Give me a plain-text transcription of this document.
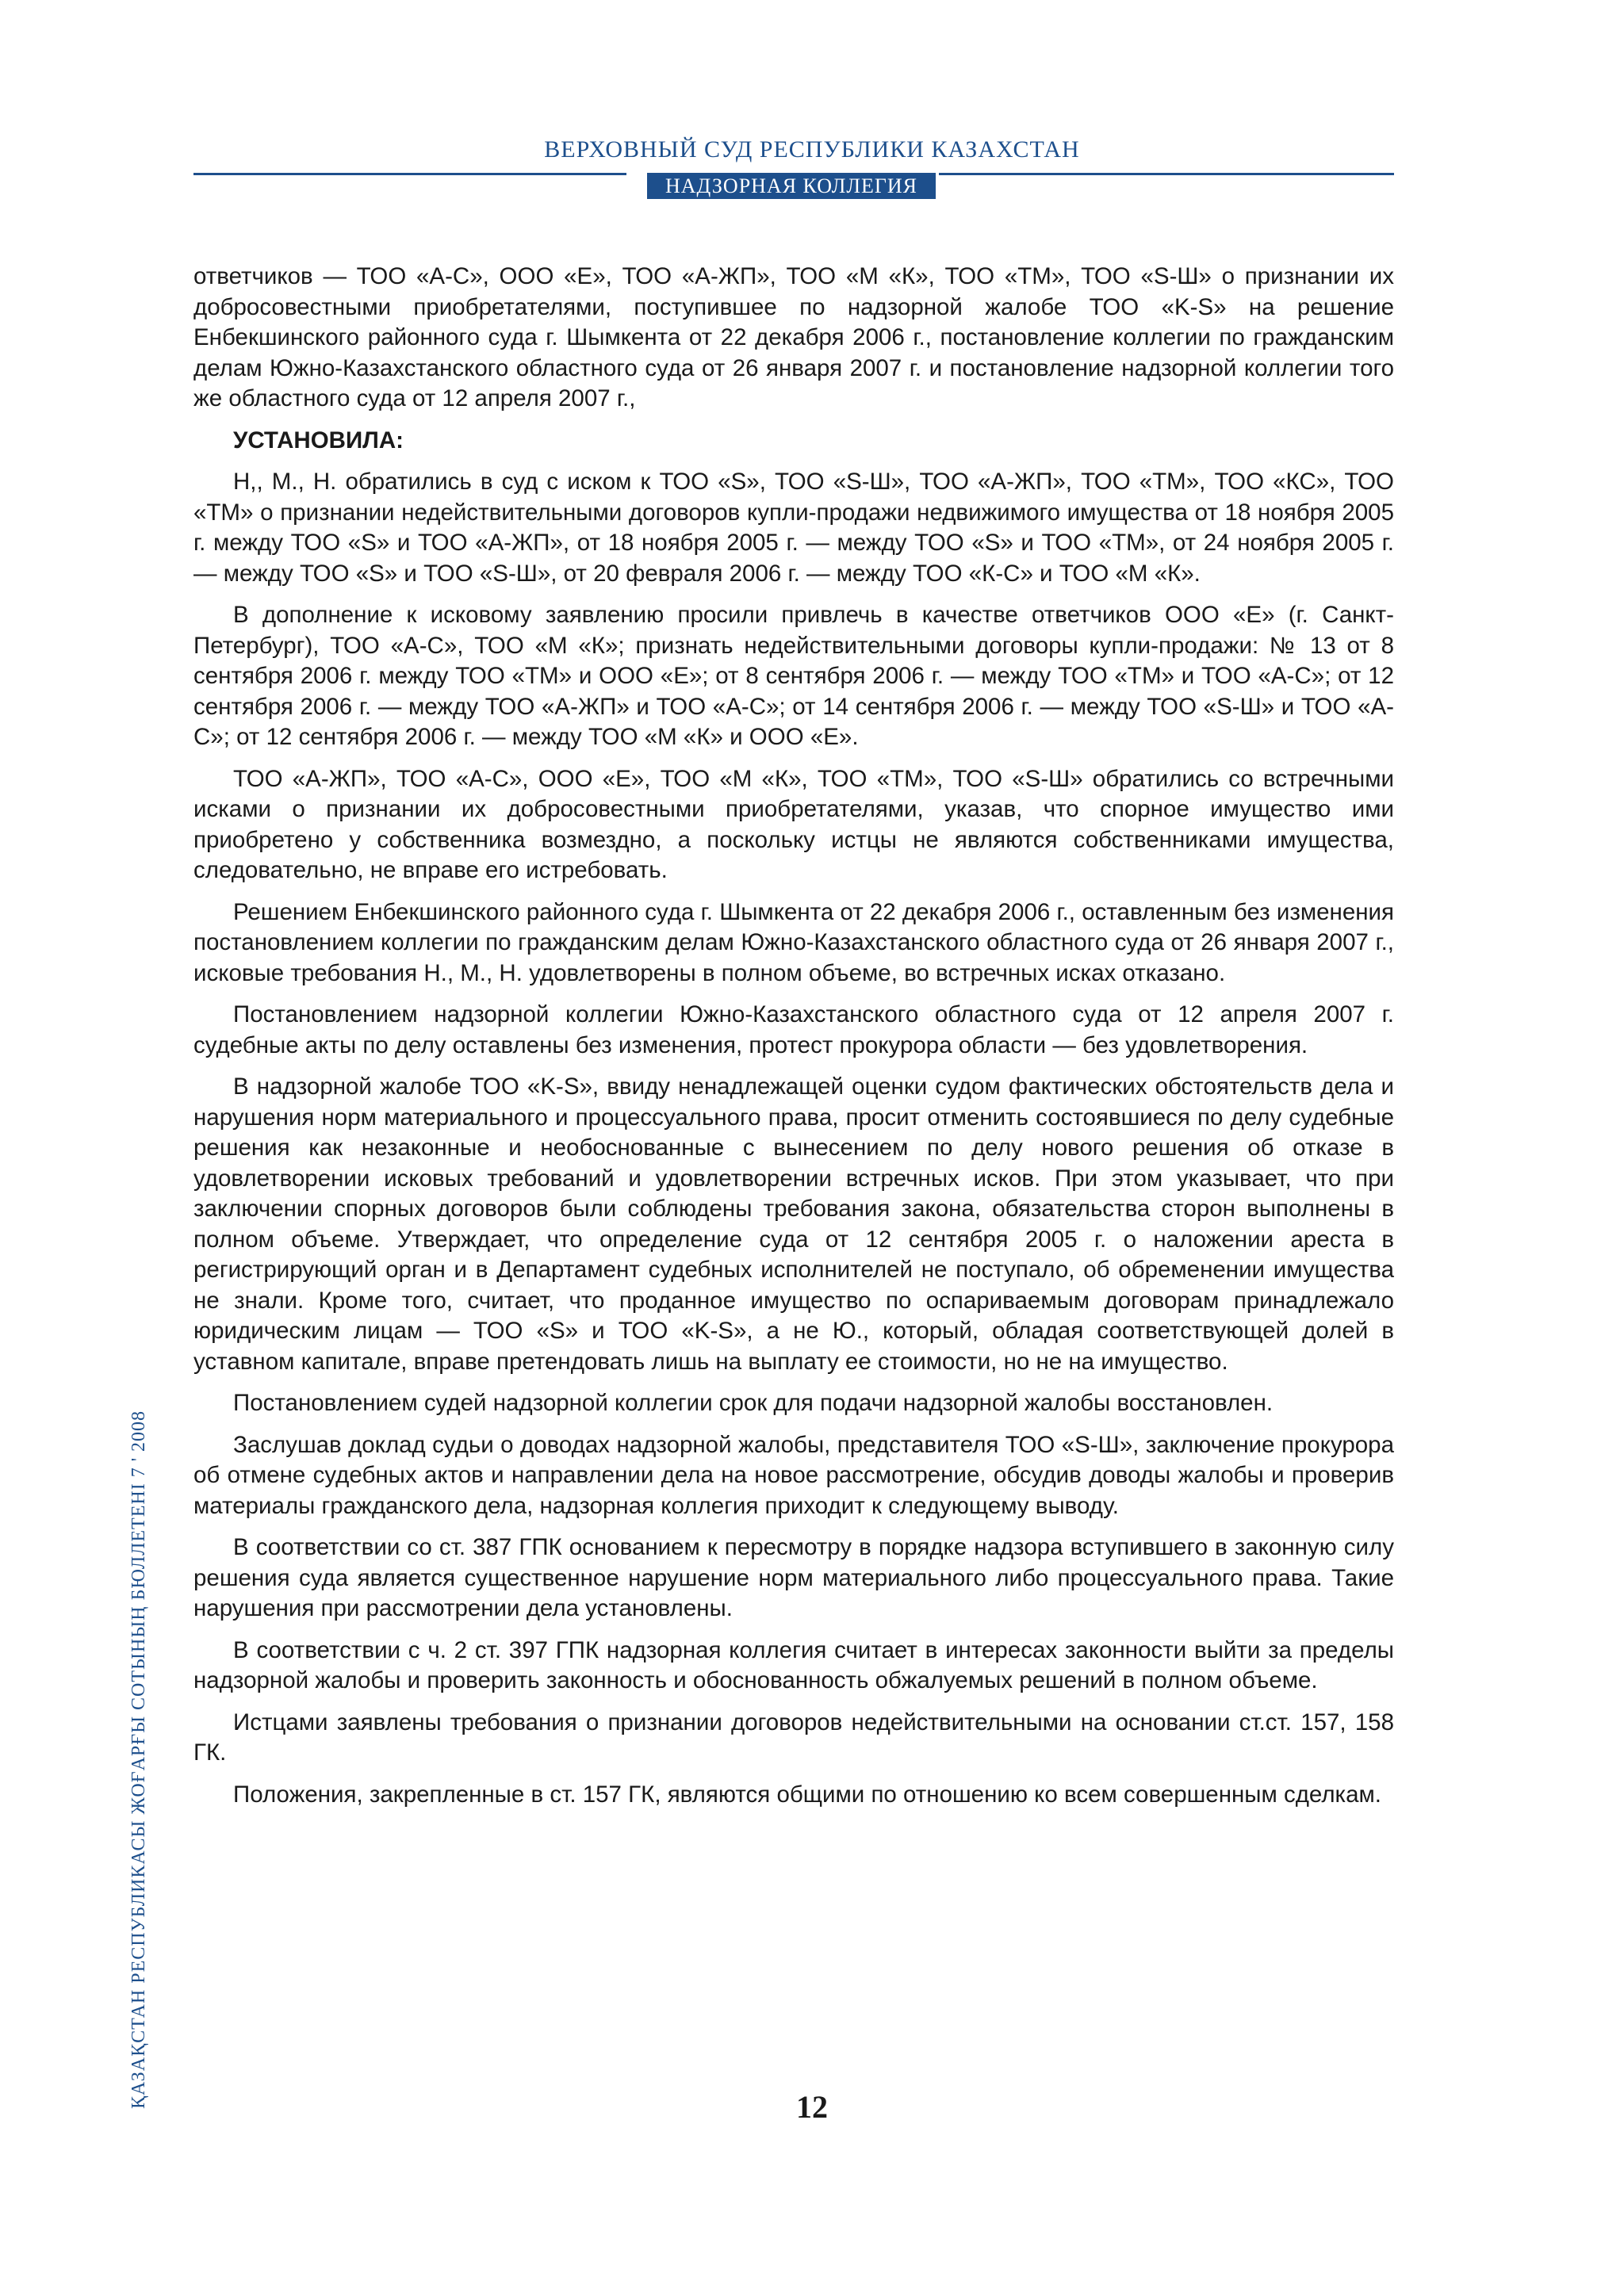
ВЕРХОВНЫЙ СУД РЕСПУБЛИКИ КАЗАХСТАН
НАДЗОРНАЯ КОЛЛЕГИЯ

ответчиков — ТОО «А-С», ООО «Е», ТОО «А-ЖП», ТОО «М «К», ТОО «ТМ», ТОО «S-Ш» о признании их добросовестными приобретателями, поступившее по надзорной жалобе ТОО «K-S» на решение Енбекшинского районного суда г. Шымкента от 22 декабря 2006 г., постановление коллегии по гражданским делам Южно-Казахстанского областного суда от 26 января 2007 г. и постановление надзорной коллегии того же областного суда от 12 апреля 2007 г.,

УСТАНОВИЛА:

Н,, М., Н. обратились в суд с иском к ТОО «S», ТОО «S-Ш», ТОО «А-ЖП», ТОО «ТМ», ТОО «КС», ТОО «ТМ» о признании недействительными договоров купли-продажи недвижимого имущества от 18 ноября 2005 г. между ТОО «S» и ТОО «А-ЖП», от 18 ноября 2005 г. — между ТОО «S» и ТОО «ТМ», от 24 ноября 2005 г. — между ТОО «S» и ТОО «S-Ш», от 20 февраля 2006 г. — между ТОО «К-С» и ТОО «М «К».

В дополнение к исковому заявлению просили привлечь в качестве ответчиков ООО «Е» (г. Санкт-Петербург), ТОО «А-С», ТОО «М «К»; признать недействительными договоры купли-продажи: № 13 от 8 сентября 2006 г. между ТОО «ТМ» и ООО «Е»; от 8 сентября 2006 г. — между ТОО «ТМ» и ТОО «А-С»; от 12 сентября 2006 г. — между ТОО «А-ЖП» и ТОО «А-С»; от 14 сентября 2006 г. — между ТОО «S-Ш» и ТОО «А-С»; от 12 сентября 2006 г. — между ТОО «М «К» и ООО «Е».

ТОО «А-ЖП», ТОО «А-С», ООО «Е», ТОО «М «К», ТОО «ТМ», ТОО «S-Ш» обратились со встречными исками о признании их добросовестными приобретателями, указав, что спорное имущество ими приобретено у собственника возмездно, а поскольку истцы не являются собственниками имущества, следовательно, не вправе его истребовать.

Решением Енбекшинского районного суда г. Шымкента от 22 декабря 2006 г., оставленным без изменения постановлением коллегии по гражданским делам Южно-Казахстанского областного суда от 26 января 2007 г., исковые требования Н., М., Н. удовлетворены в полном объеме, во встречных исках отказано.

Постановлением надзорной коллегии Южно-Казахстанского областного суда от 12 апреля 2007 г. судебные акты по делу оставлены без изменения, протест прокурора области — без удовлетворения.

В надзорной жалобе ТОО «K-S», ввиду ненадлежащей оценки судом фактических обстоятельств дела и нарушения норм материального и процессуального права, просит отменить состоявшиеся по делу судебные решения как незаконные и необоснованные с вынесением по делу нового решения об отказе в удовлетворении исковых требований и удовлетворении встречных исков. При этом указывает, что при заключении спорных договоров были соблюдены требования закона, обязательства сторон выполнены в полном объеме. Утверждает, что определение суда от 12 сентября 2005 г. о наложении ареста в регистрирующий орган и в Департамент судебных исполнителей не поступало, об обременении имущества не знали. Кроме того, считает, что проданное имущество по оспариваемым договорам принадлежало юридическим лицам — ТОО «S» и ТОО «K-S», а не Ю., который, обладая соответствующей долей в уставном капитале, вправе претендовать лишь на выплату ее стоимости, но не на имущество.

Постановлением судей надзорной коллегии срок для подачи надзорной жалобы восстановлен.

Заслушав доклад судьи о доводах надзорной жалобы, представителя ТОО «S-Ш», заключение прокурора об отмене судебных актов и направлении дела на новое рассмотрение, обсудив доводы жалобы и проверив материалы гражданского дела, надзорная коллегия приходит к следующему выводу.

В соответствии со ст. 387 ГПК основанием к пересмотру в порядке надзора вступившего в законную силу решения суда является существенное нарушение норм материального либо процессуального права. Такие нарушения при рассмотрении дела установлены.

В соответствии с ч. 2 ст. 397 ГПК надзорная коллегия считает в интересах законности выйти за пределы надзорной жалобы и проверить законность и обоснованность обжалуемых решений в полном объеме.

Истцами заявлены требования о признании договоров недействительными на основании ст.ст. 157, 158 ГК.

Положения, закрепленные в ст. 157 ГК, являются общими по отношению ко всем совершенным сделкам.

ҚАЗАҚСТАН РЕСПУБЛИКАСЫ ЖОҒАРҒЫ СОТЫНЫҢ БЮЛЛЕТЕНІ 7 ' 2008	12
